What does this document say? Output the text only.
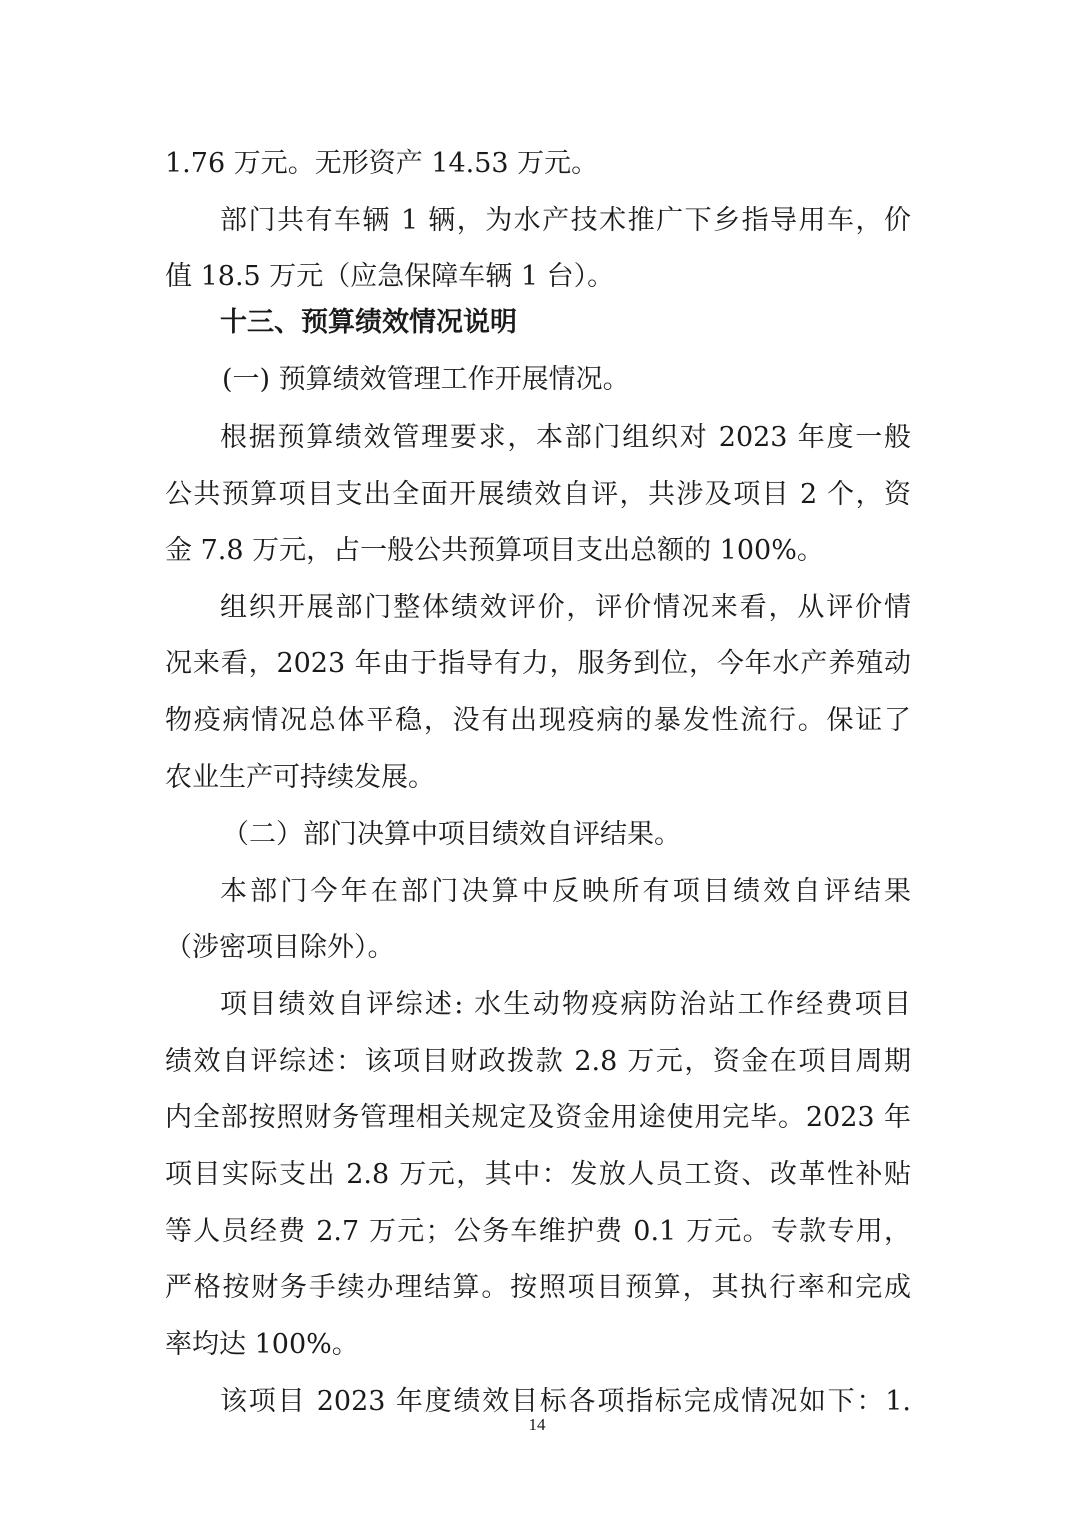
1.76 万元。无形资产 14.53 万元。
部门共有车辆 1 辆，为水产技术推广下乡指导用车，价
值 18.5 万元（应急保障车辆 1 台）。
十三、预算绩效情况说明
(一) 预算绩效管理工作开展情况。
根据预算绩效管理要求，本部门组织对 2023 年度一般
公共预算项目支出全面开展绩效自评，共涉及项目 2 个，资
金 7.8 万元，占一般公共预算项目支出总额的 100%。
组织开展部门整体绩效评价，评价情况来看，从评价情
况来看，2023 年由于指导有力，服务到位，今年水产养殖动
物疫病情况总体平稳，没有出现疫病的暴发性流行。保证了
农业生产可持续发展。
（二）部门决算中项目绩效自评结果。
本部门今年在部门决算中反映所有项目绩效自评结果
（涉密项目除外）。
项目绩效自评综述: 水生动物疫病防治站工作经费项目
绩效自评综述：该项目财政拨款 2.8 万元，资金在项目周期
内全部按照财务管理相关规定及资金用途使用完毕。2023 年
项目实际支出 2.8 万元，其中：发放人员工资、改革性补贴
等人员经费 2.7 万元；公务车维护费 0.1 万元。专款专用，
严格按财务手续办理结算。按照项目预算，其执行率和完成
率均达 100%。
该项目 2023 年度绩效目标各项指标完成情况如下：1.
14
